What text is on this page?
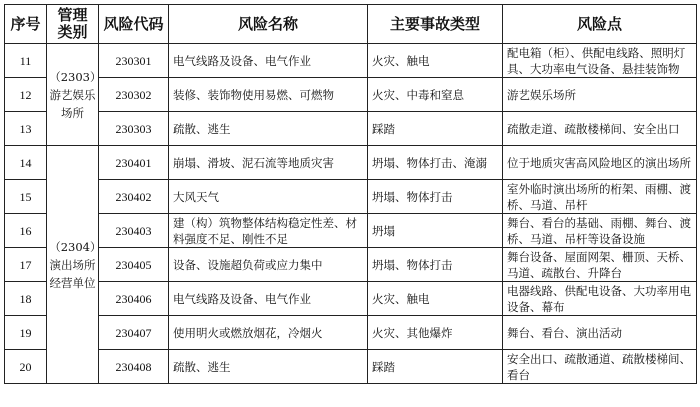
序号	管理类别	风险代码	风险名称	主要事故类型	风险点
11	（2303）游艺娱乐场所	230301	电气线路及设备、电气作业	火灾、触电	配电箱（柜）、供配电线路、照明灯具、大功率电气设备、悬挂装饰物
12		230302	装修、装饰物使用易燃、可燃物	火灾、中毒和窒息	游艺娱乐场所
13		230303	疏散、逃生	踩踏	疏散走道、疏散楼梯间、安全出口
14	（2304）演出场所经营单位	230401	崩塌、滑坡、泥石流等地质灾害	坍塌、物体打击、淹溺	位于地质灾害高风险地区的演出场所
15		230402	大风天气	坍塌、物体打击	室外临时演出场所的桁架、雨棚、渡桥、马道、吊杆
16		230403	建（构）筑物整体结构稳定性差、材料强度不足、刚性不足	坍塌	舞台、看台的基础、雨棚、舞台、渡桥、马道、吊杆等设备设施
17		230405	设备、设施超负荷或应力集中	坍塌、物体打击	舞台设备、屋面网架、栅顶、天桥、马道、疏散台、升降台
18		230406	电气线路及设备、电气作业	火灾、触电	电器线路、供配电设备、大功率用电设备、幕布
19		230407	使用明火或燃放烟花，冷烟火	火灾、其他爆炸	舞台、看台、演出活动
20		230408	疏散、逃生	踩踏	安全出口、疏散通道、疏散楼梯间、看台
